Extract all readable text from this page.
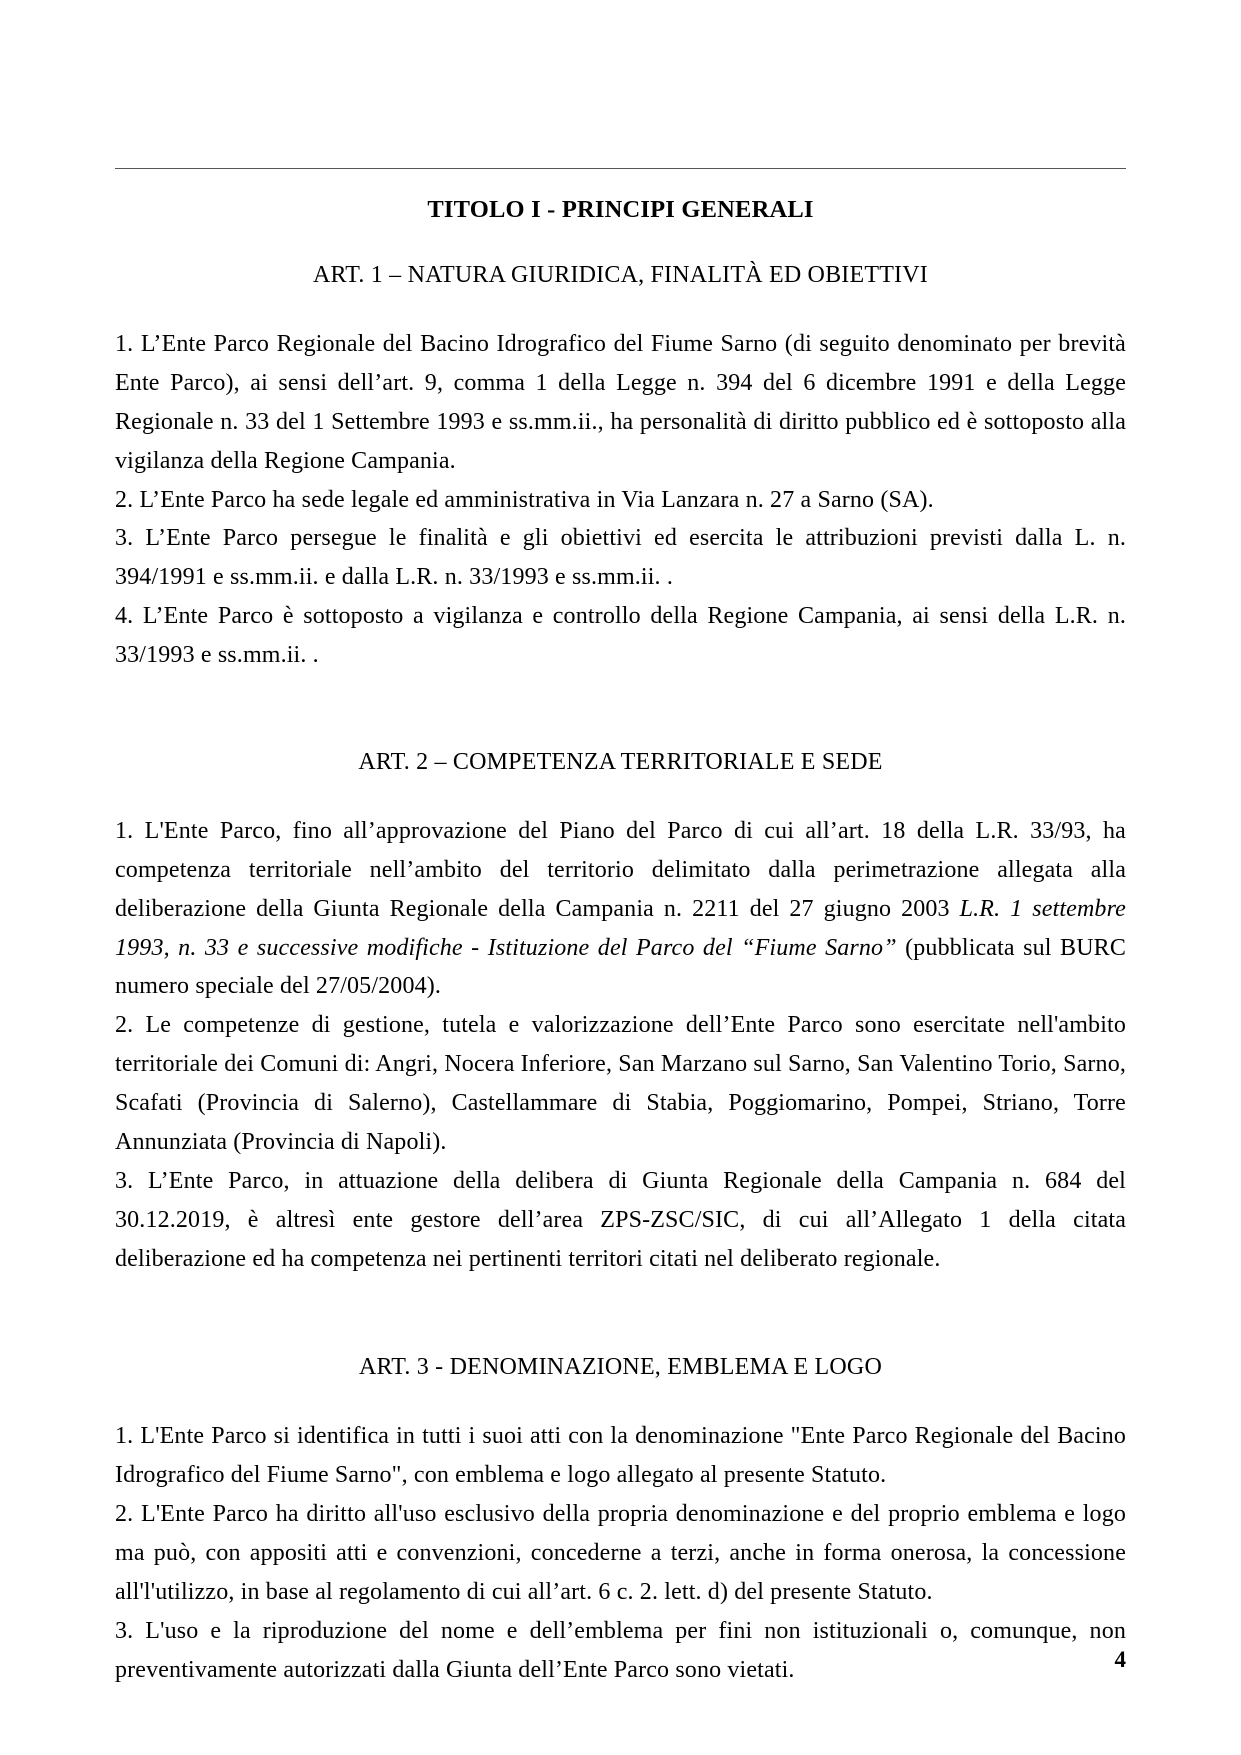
TITOLO I - PRINCIPI GENERALI
ART. 1 – NATURA GIURIDICA, FINALITÀ ED OBIETTIVI

1. L’Ente Parco Regionale del Bacino Idrografico del Fiume Sarno (di seguito denominato per brevità Ente Parco), ai sensi dell’art. 9, comma 1 della Legge n. 394 del 6 dicembre 1991 e della Legge Regionale n. 33 del 1 Settembre 1993 e ss.mm.ii., ha personalità di diritto pubblico ed è sottoposto alla vigilanza della Regione Campania.

2. L’Ente Parco ha sede legale ed amministrativa in Via Lanzara n. 27 a Sarno (SA).

3. L’Ente Parco persegue le finalità e gli obiettivi ed esercita le attribuzioni previsti dalla L. n. 394/1991 e ss.mm.ii. e dalla L.R. n. 33/1993 e ss.mm.ii. .

4. L’Ente Parco è sottoposto a vigilanza e controllo della Regione Campania, ai sensi della L.R. n. 33/1993 e ss.mm.ii. .

ART. 2 – COMPETENZA TERRITORIALE E SEDE

1. L'Ente Parco, fino all’approvazione del Piano del Parco di cui all’art. 18 della L.R. 33/93, ha competenza territoriale nell’ambito del territorio delimitato dalla perimetrazione allegata alla deliberazione della Giunta Regionale della Campania n. 2211 del 27 giugno 2003 L.R. 1 settembre 1993, n. 33 e successive modifiche - Istituzione del Parco del “Fiume Sarno” (pubblicata sul BURC numero speciale del 27/05/2004).

2. Le competenze di gestione, tutela e valorizzazione dell’Ente Parco sono esercitate nell'ambito territoriale dei Comuni di: Angri, Nocera Inferiore, San Marzano sul Sarno, San Valentino Torio, Sarno, Scafati (Provincia di Salerno), Castellammare di Stabia, Poggiomarino, Pompei, Striano, Torre Annunziata (Provincia di Napoli).

3. L’Ente Parco, in attuazione della delibera di Giunta Regionale della Campania n. 684 del 30.12.2019, è altresì ente gestore dell’area ZPS-ZSC/SIC, di cui all’Allegato 1 della citata deliberazione ed ha competenza nei pertinenti territori citati nel deliberato regionale.

ART. 3 - DENOMINAZIONE, EMBLEMA E LOGO

1. L'Ente Parco si identifica in tutti i suoi atti con la denominazione "Ente Parco Regionale del Bacino Idrografico del Fiume Sarno", con emblema e logo allegato al presente Statuto.

2. L'Ente Parco ha diritto all'uso esclusivo della propria denominazione e del proprio emblema e logo ma può, con appositi atti e convenzioni, concederne a terzi, anche in forma onerosa, la concessione all'l'utilizzo, in base al regolamento di cui all’art. 6 c. 2. lett. d) del presente Statuto.

3. L'uso e la riproduzione del nome e dell’emblema per fini non istituzionali o, comunque, non preventivamente autorizzati dalla Giunta dell’Ente Parco sono vietati.	4
